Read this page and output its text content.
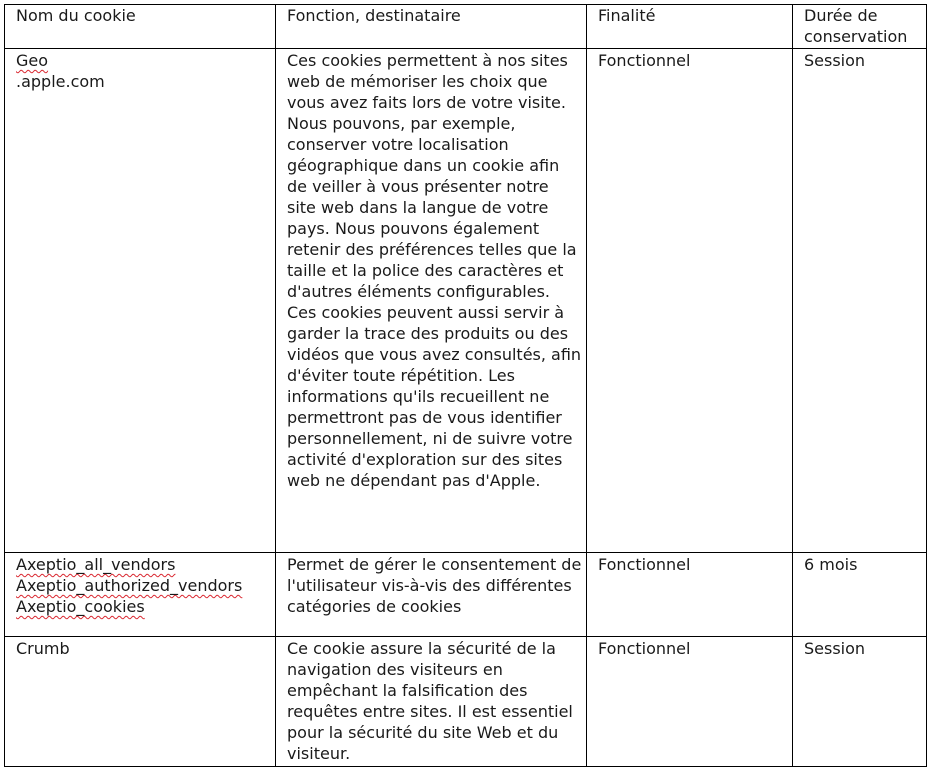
Nom du cookie	Fonction, destinataire	Finalité	Durée de
conservation

Geo
.apple.com	Ces cookies permettent à nos sites web de mémoriser les choix que vous avez faits lors de votre visite. Nous pouvons, par exemple, conserver votre localisation géographique dans un cookie afin de veiller à vous présenter notre site web dans la langue de votre pays. Nous pouvons également retenir des préférences telles que la taille et la police des caractères et d'autres éléments configurables. Ces cookies peuvent aussi servir à garder la trace des produits ou des vidéos que vous avez consultés, afin d'éviter toute répétition. Les informations qu'ils recueillent ne permettront pas de vous identifier personnellement, ni de suivre votre activité d'exploration sur des sites web ne dépendant pas d'Apple.	Fonctionnel	Session

Axeptio_all_vendors
Axeptio_authorized_vendors
Axeptio_cookies	Permet de gérer le consentement de l'utilisateur vis-à-vis des différentes catégories de cookies	Fonctionnel	6 mois

Crumb	Ce cookie assure la sécurité de la navigation des visiteurs en empêchant la falsification des requêtes entre sites. Il est essentiel pour la sécurité du site Web et du visiteur.	Fonctionnel	Session
